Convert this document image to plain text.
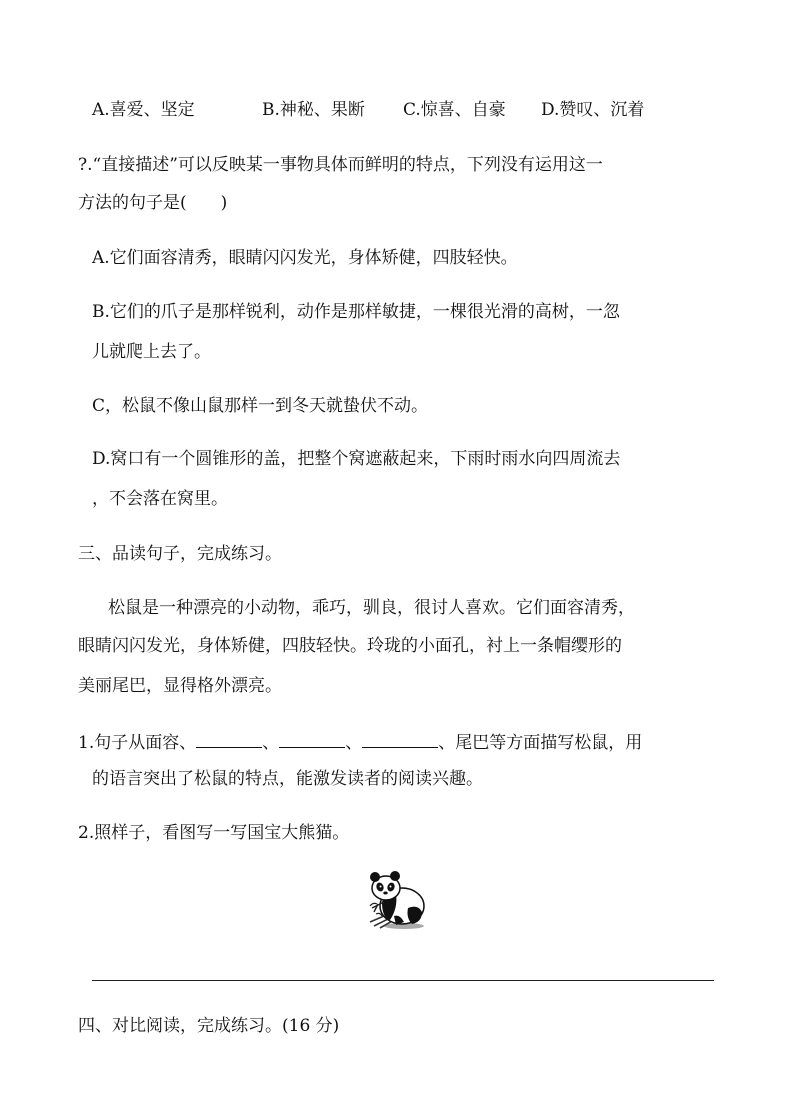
A.喜爱、坚定	B.神秘、果断 C.惊喜、自豪 D.赞叹、沉着
?.“直接描述”可以反映某一事物具体而鲜明的特点，下列没有运用这一
方法的句子是(　　)
A.它们面容清秀，眼睛闪闪发光，身体矫健，四肢轻快。
B.它们的爪子是那样锐利，动作是那样敏捷，一棵很光滑的高树，一忽
儿就爬上去了。
C，松鼠不像山鼠那样一到冬天就蛰伏不动。
D.窝口有一个圆锥形的盖，把整个窝遮蔽起来，下雨时雨水向四周流去
，不会落在窝里。
三、品读句子，完成练习。
松鼠是一种漂亮的小动物，乖巧，驯良，很讨人喜欢。它们面容清秀，
眼睛闪闪发光，身体矫健，四肢轻快。玲珑的小面孔，衬上一条帽缨形的
美丽尾巴，显得格外漂亮。
1.句子从面容、	、	、	、尾巴等方面描写松鼠，用
的语言突出了松鼠的特点，能激发读者的阅读兴趣。
2.照样子，看图写一写国宝大熊猫。
四、对比阅读，完成练习。(16 分)
